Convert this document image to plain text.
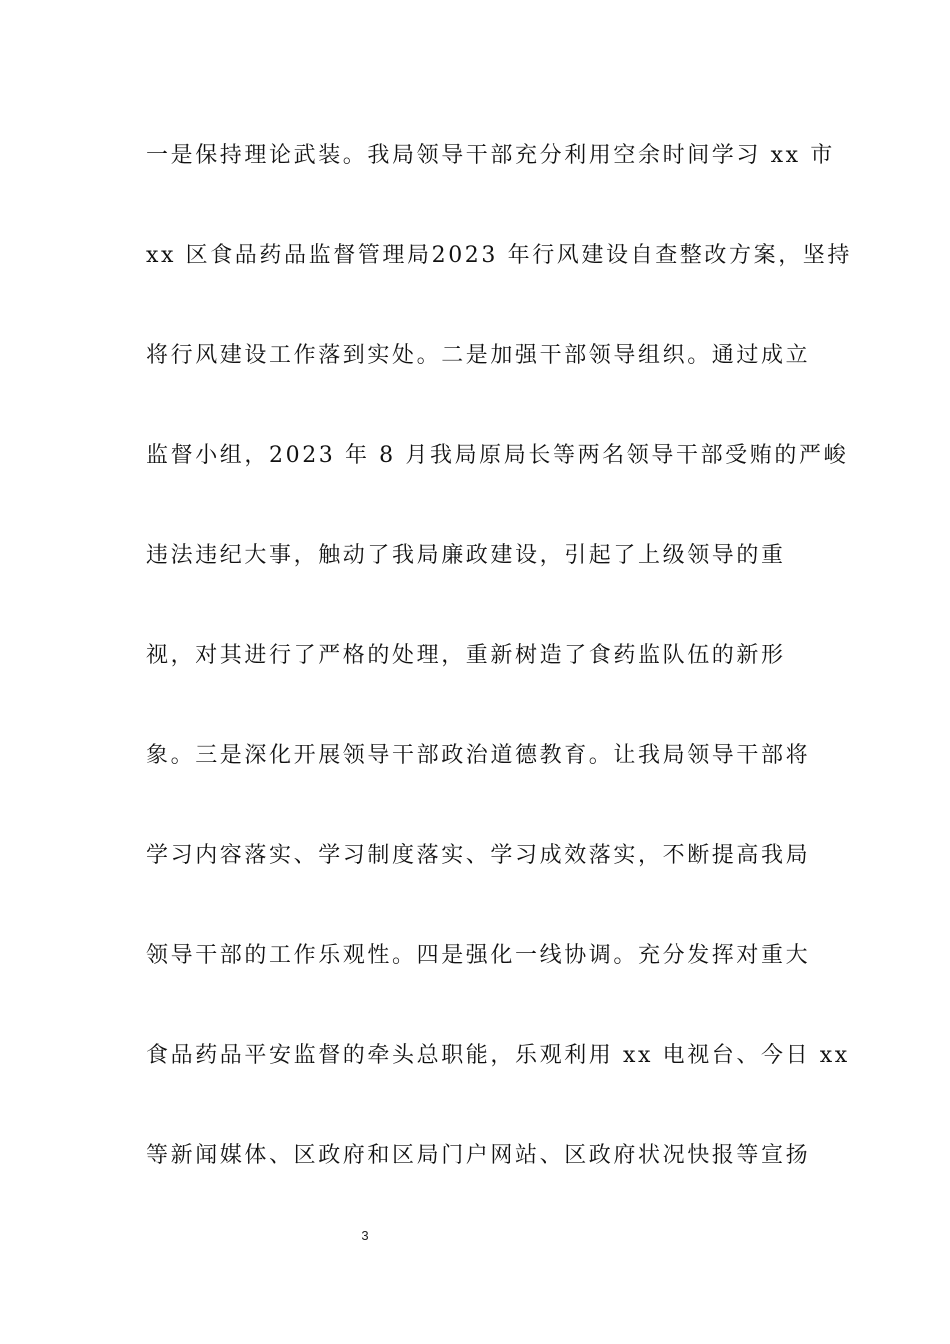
一是保持理论武装。我局领导干部充分利用空余时间学习 xx 市
xx 区食品药品监督管理局2023 年行风建设自查整改方案，坚持
将行风建设工作落到实处。二是加强干部领导组织。通过成立
监督小组，2023 年 8 月我局原局长等两名领导干部受贿的严峻
违法违纪大事，触动了我局廉政建设，引起了上级领导的重
视，对其进行了严格的处理，重新树造了食药监队伍的新形
象。三是深化开展领导干部政治道德教育。让我局领导干部将
学习内容落实、学习制度落实、学习成效落实，不断提高我局
领导干部的工作乐观性。四是强化一线协调。充分发挥对重大
食品药品平安监督的牵头总职能，乐观利用 xx 电视台、今日 xx
等新闻媒体、区政府和区局门户网站、区政府状况快报等宣扬
3
